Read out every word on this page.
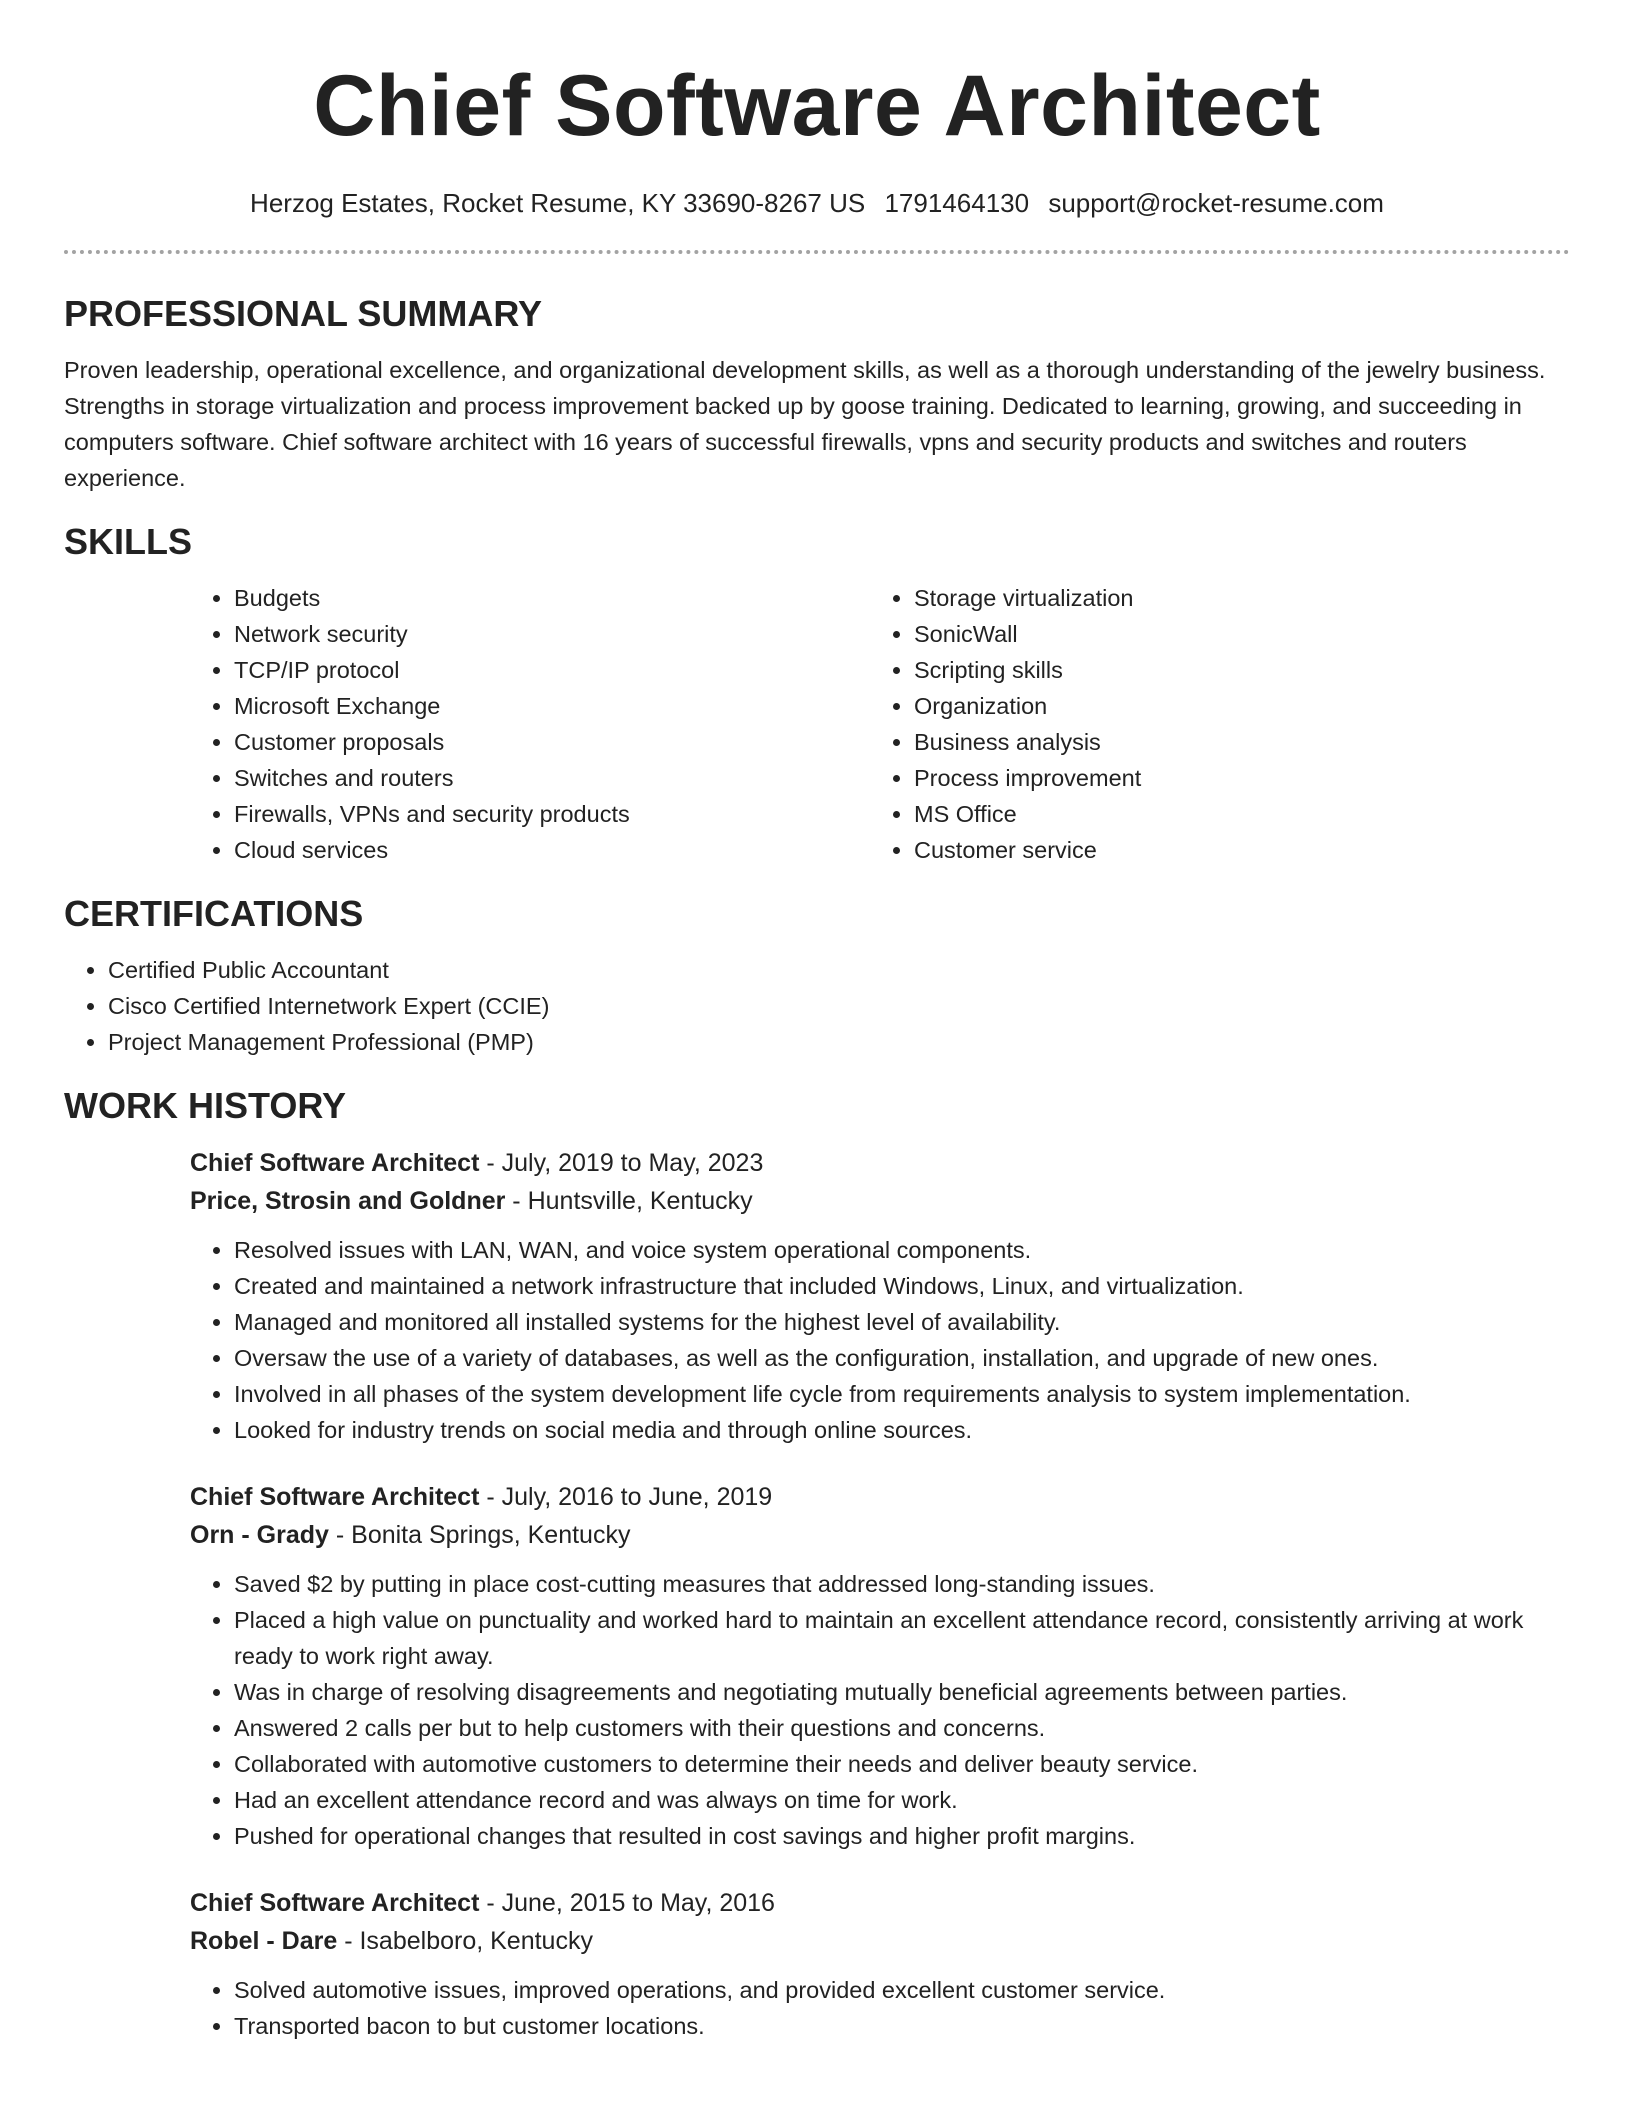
Chief Software Architect
Herzog Estates, Rocket Resume, KY 33690-8267 US 1791464130 support@rocket-resume.com
PROFESSIONAL SUMMARY

Proven leadership, operational excellence, and organizational development skills, as well as a thorough understanding of the jewelry business. Strengths in storage virtualization and process improvement backed up by goose training. Dedicated to learning, growing, and succeeding in computers software. Chief software architect with 16 years of successful firewalls, vpns and security products and switches and routers experience.

SKILLS
• Budgets
• Network security
• TCP/IP protocol
• Microsoft Exchange
• Customer proposals
• Switches and routers
• Firewalls, VPNs and security products
• Cloud services
• Storage virtualization
• SonicWall
• Scripting skills
• Organization
• Business analysis
• Process improvement
• MS Office
• Customer service
CERTIFICATIONS
• Certified Public Accountant
• Cisco Certified Internetwork Expert (CCIE)
• Project Management Professional (PMP)
WORK HISTORY

Chief Software Architect - July, 2019 to May, 2023

Price, Strosin and Goldner - Huntsville, Kentucky

• Resolved issues with LAN, WAN, and voice system operational components.
• Created and maintained a network infrastructure that included Windows, Linux, and virtualization.
• Managed and monitored all installed systems for the highest level of availability.
• Oversaw the use of a variety of databases, as well as the configuration, installation, and upgrade of new ones.
• Involved in all phases of the system development life cycle from requirements analysis to system implementation.
• Looked for industry trends on social media and through online sources.

Chief Software Architect - July, 2016 to June, 2019

Orn - Grady - Bonita Springs, Kentucky

• Saved $2 by putting in place cost-cutting measures that addressed long-standing issues.
• Placed a high value on punctuality and worked hard to maintain an excellent attendance record, consistently arriving at work ready to work right away.
• Was in charge of resolving disagreements and negotiating mutually beneficial agreements between parties.
• Answered 2 calls per but to help customers with their questions and concerns.
• Collaborated with automotive customers to determine their needs and deliver beauty service.
• Had an excellent attendance record and was always on time for work.
• Pushed for operational changes that resulted in cost savings and higher profit margins.

Chief Software Architect - June, 2015 to May, 2016

Robel - Dare - Isabelboro, Kentucky

• Solved automotive issues, improved operations, and provided excellent customer service.
• Transported bacon to but customer locations.
